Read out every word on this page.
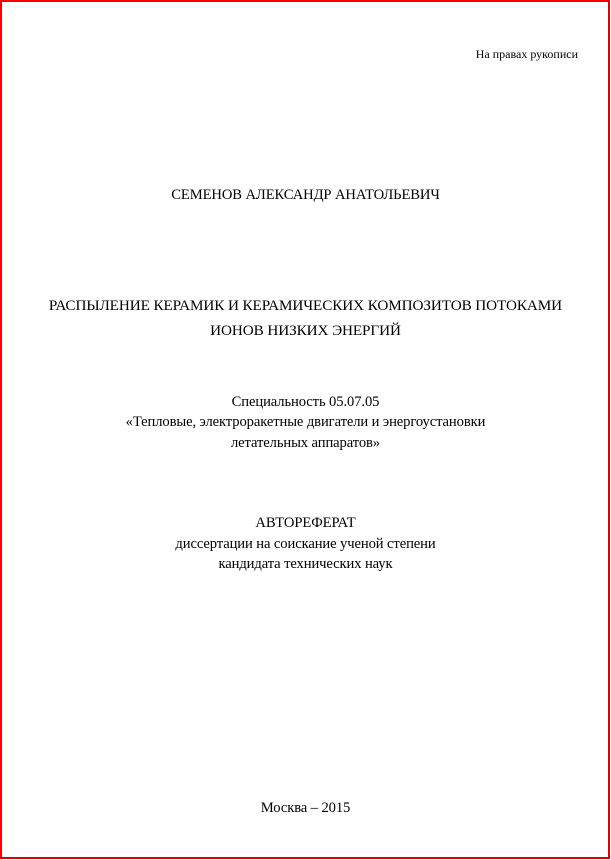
На правах рукописи
СЕМЕНОВ АЛЕКСАНДР АНАТОЛЬЕВИЧ
РАСПЫЛЕНИЕ КЕРАМИК И КЕРАМИЧЕСКИХ КОМПОЗИТОВ ПОТОКАМИ
ИОНОВ НИЗКИХ ЭНЕРГИЙ
Специальность 05.07.05
«Тепловые, электроракетные двигатели и энергоустановки
летательных аппаратов»
АВТОРЕФЕРАТ
диссертации на соискание ученой степени
кандидата технических наук
Москва – 2015
